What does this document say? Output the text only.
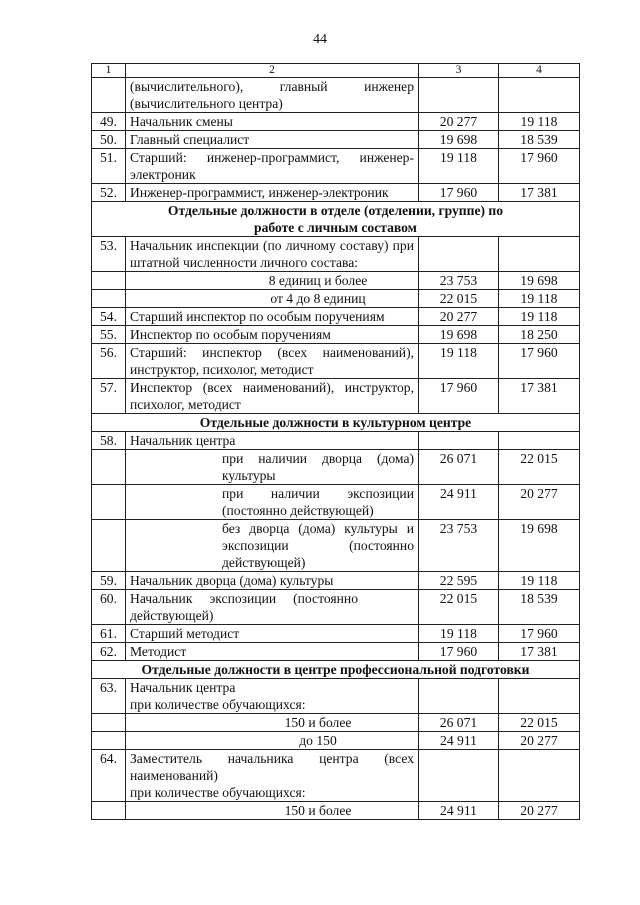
44
1	2	3	4
	(вычислительного), главный инженер (вычислительного центра)		
49.	Начальник смены	20 277	19 118
50.	Главный специалист	19 698	18 539
51.	Старший: инженер-программист, инженер-электроник	19 118	17 960
52.	Инженер-программист, инженер-электроник	17 960	17 381
Отдельные должности в отделе (отделении, группе) по работе с личным составом			
53.	Начальник инспекции (по личному составу) при штатной численности личного состава:		

	8 единиц и более	23 753	19 698

	от 4 до 8 единиц	22 015	19 118
54.	Старший инспектор по особым поручениям	20 277	19 118
55.	Инспектор по особым поручениям	19 698	18 250
56.	Старший: инспектор (всех наименований), инструктор, психолог, методист	19 118	17 960
57.	Инспектор (всех наименований), инструктор, психолог, методист	17 960	17 381
Отдельные должности в культурном центре			
58.	Начальник центра		

	при наличии дворца (дома) культуры	26 071	22 015

	при наличии экспозиции (постоянно действующей)	24 911	20 277

	без дворца (дома) культуры и экспозиции (постоянно действующей)	23 753	19 698
59.	Начальник дворца (дома) культуры	22 595	19 118
60.	Начальник экспозиции (постоянно действующей)	22 015	18 539
61.	Старший методист	19 118	17 960
62.	Методист	17 960	17 381
Отдельные должности в центре профессиональной подготовки			
63.	Начальник центра
при количестве обучающихся:		

	150 и более	26 071	22 015

	до 150	24 911	20 277
64.	Заместитель начальника центра (всех наименований)
при количестве обучающихся:		

	150 и более	24 911	20 277
